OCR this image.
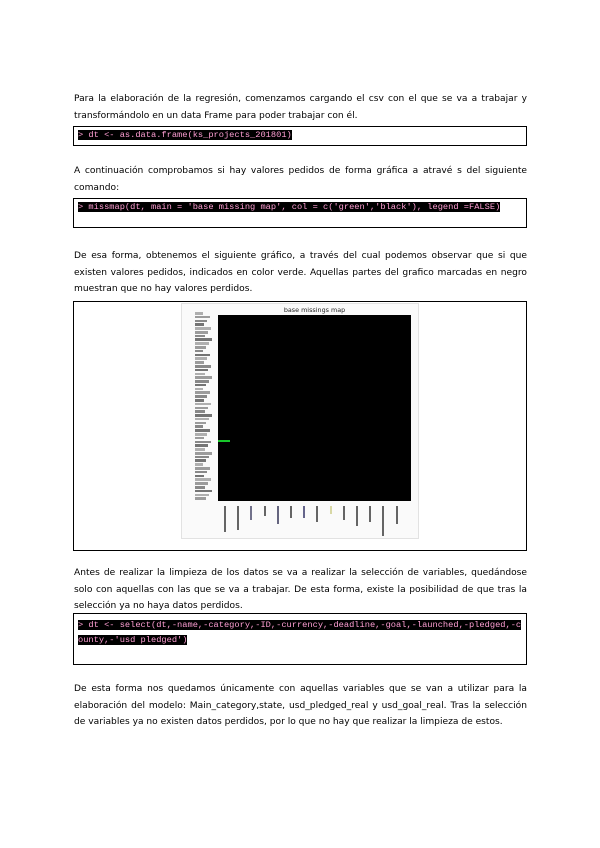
Para la elaboración de la regresión, comenzamos cargando el csv con el que se va a trabajar y transformándolo en un data Frame para poder trabajar con él.

> dt <- as.data.frame(ks_projects_201801)

A continuación comprobamos si hay valores pedidos de forma gráfica a atravé s del siguiente comando:

> missmap(dt, main = 'base missing map', col = c('green','black'), legend =FALSE)

De esa forma, obtenemos el siguiente gráfico, a través del cual podemos observar que si que existen valores pedidos, indicados en color verde. Aquellas partes del grafico marcadas en negro muestran que no hay valores perdidos.

base missings map

Antes de realizar la limpieza de los datos se va a realizar la selección de variables, quedándose solo con aquellas con las que se va a trabajar. De esta forma, existe la posibilidad de que tras la selección ya no haya datos perdidos.

> dt <- select(dt,-name,-category,-ID,-currency,-deadline,-goal,-launched,-pledged,-county,-'usd pledged')

De esta forma nos quedamos únicamente con aquellas variables que se van a utilizar para la elaboración del modelo: Main_category,state, usd_pledged_real y usd_goal_real. Tras la selección de variables ya no existen datos perdidos, por lo que no hay que realizar la limpieza de estos.
